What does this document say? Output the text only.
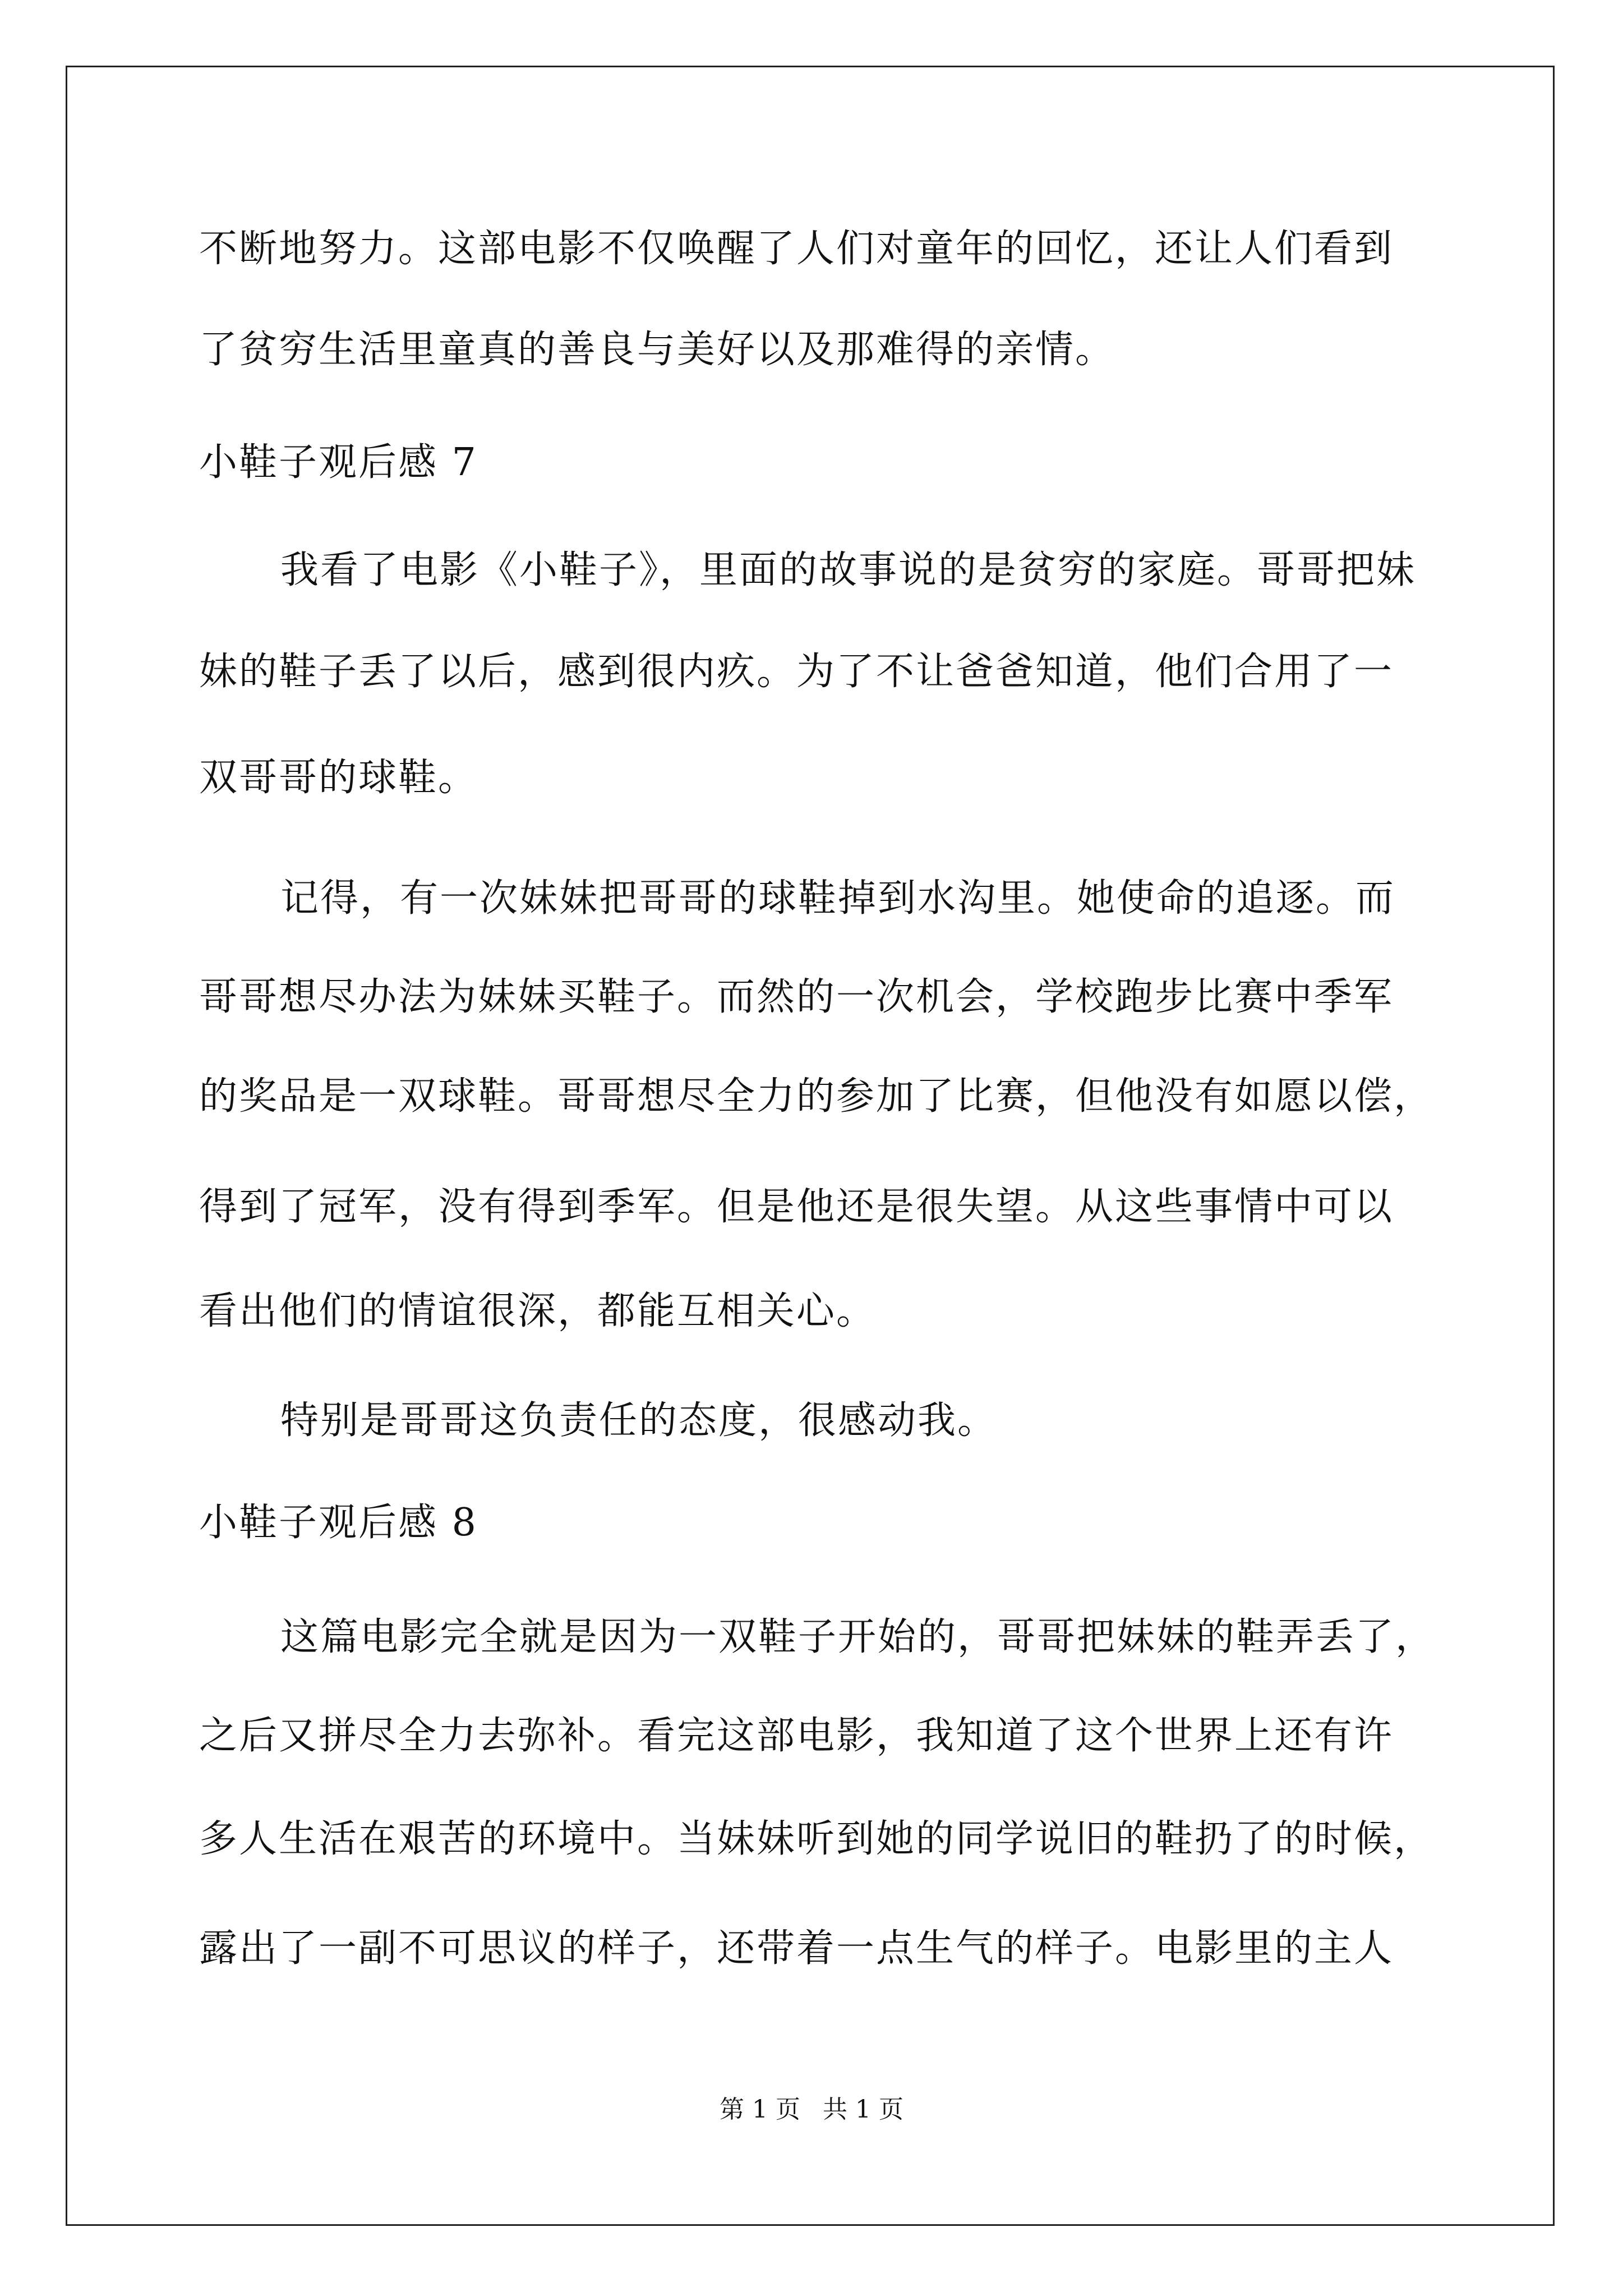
不断地努力。这部电影不仅唤醒了人们对童年的回忆，还让人们看到
了贫穷生活里童真的善良与美好以及那难得的亲情。
小鞋子观后感 7
我看了电影《小鞋子》，里面的故事说的是贫穷的家庭。哥哥把妹
妹的鞋子丢了以后，感到很内疚。为了不让爸爸知道，他们合用了一
双哥哥的球鞋。
记得，有一次妹妹把哥哥的球鞋掉到水沟里。她使命的追逐。而
哥哥想尽办法为妹妹买鞋子。而然的一次机会，学校跑步比赛中季军
的奖品是一双球鞋。哥哥想尽全力的参加了比赛，但他没有如愿以偿，
得到了冠军，没有得到季军。但是他还是很失望。从这些事情中可以
看出他们的情谊很深，都能互相关心。
特别是哥哥这负责任的态度，很感动我。
小鞋子观后感 8
这篇电影完全就是因为一双鞋子开始的，哥哥把妹妹的鞋弄丢了，
之后又拼尽全力去弥补。看完这部电影，我知道了这个世界上还有许
多人生活在艰苦的环境中。当妹妹听到她的同学说旧的鞋扔了的时候，
露出了一副不可思议的样子，还带着一点生气的样子。电影里的主人
第 1 页 共 1 页
